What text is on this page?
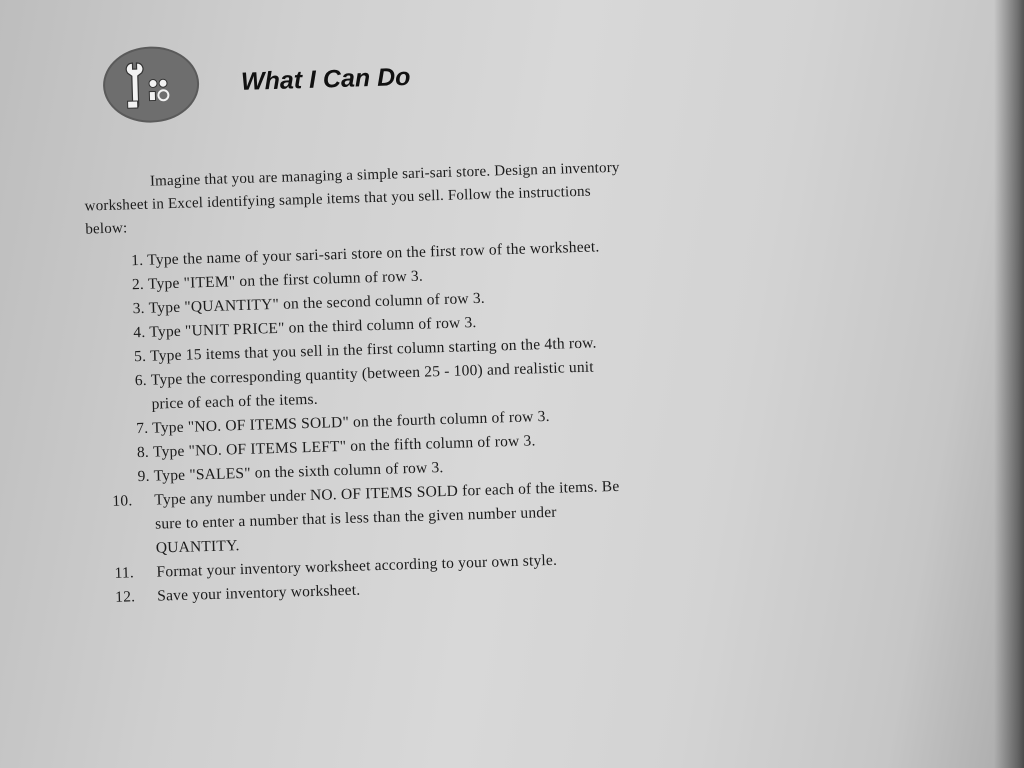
What I Can Do

Imagine that you are managing a simple sari-sari store. Design an inventory

worksheet in Excel identifying sample items that you sell. Follow the instructions

below:

1. Type the name of your sari-sari store on the first row of the worksheet.
2. Type "ITEM" on the first column of row 3.
3. Type "QUANTITY" on the second column of row 3.
4. Type "UNIT PRICE" on the third column of row 3.
5. Type 15 items that you sell in the first column starting on the 4th row.
6. Type the corresponding quantity (between 25 - 100) and realistic unit
price of each of the items.
7. Type "NO. OF ITEMS SOLD" on the fourth column of row 3.
8. Type "NO. OF ITEMS LEFT" on the fifth column of row 3.
9. Type "SALES" on the sixth column of row 3.
10.	Type any number under NO. OF ITEMS SOLD for each of the items. Be
sure to enter a number that is less than the given number under
QUANTITY.
11.	Format your inventory worksheet according to your own style.
12.	Save your inventory worksheet.
